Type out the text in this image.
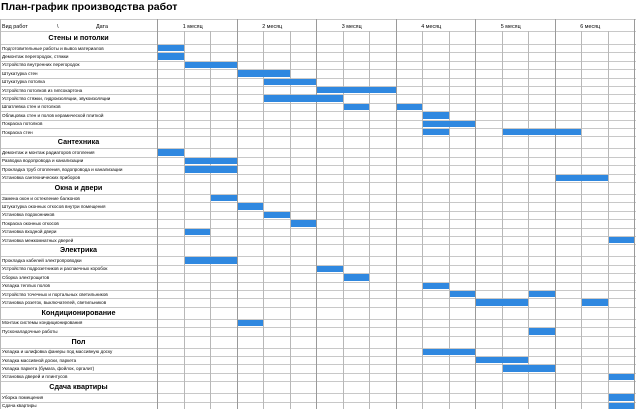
План-график производства работ
Вид работ	\	Дата	1 месяц	2 месяц	3 месяц	4 месяц	5 месяц	6 месяц
Стены и потолки
Подготовительные работы и вывоз материалов
Демонтаж перегородок, стяжки
Устройство внутренних перегородок
Штукатурка стен
Штукатурка потолка
Устройство потолков из гипсокартона
Устройство стяжки, гидроизоляции, звукоизоляции
Шпатлевка стен и потолков
Облицовка стен и полов керамической плиткой
Покраска потолков
Покраска стен
Сантехника
Демонтаж и монтаж радиаторов отопления
Разводка водопровода и канализации
Прокладка труб отопления, водопровода и канализации
Установка сантехнических приборов
Окна и двери
Замена окон и остекление балконов
Штукатурка оконных откосов внутри помещения
Установка подоконников
Покраска оконных откосов
Установка входной двери
Установка межкомнатных дверей
Электрика
Прокладка кабелей электропроводки
Устройство подрозетников и распаечных коробок
Сборка электрощитов
Укладка теплых полов
Устройство точечных и портальных светильников
Установка розеток, выключателей, светильников
Кондиционирование
Монтаж системы кондиционирования
Пусконаладочные работы
Пол
Укладка и шлифовка фанеры под массивную доску
Укладка массивной доски, паркета
Укладка паркета (бумага, фойлок, оргалит)
Установка дверей и плинтусов
Сдача квартиры
Уборка помещения
Сдача квартиры
